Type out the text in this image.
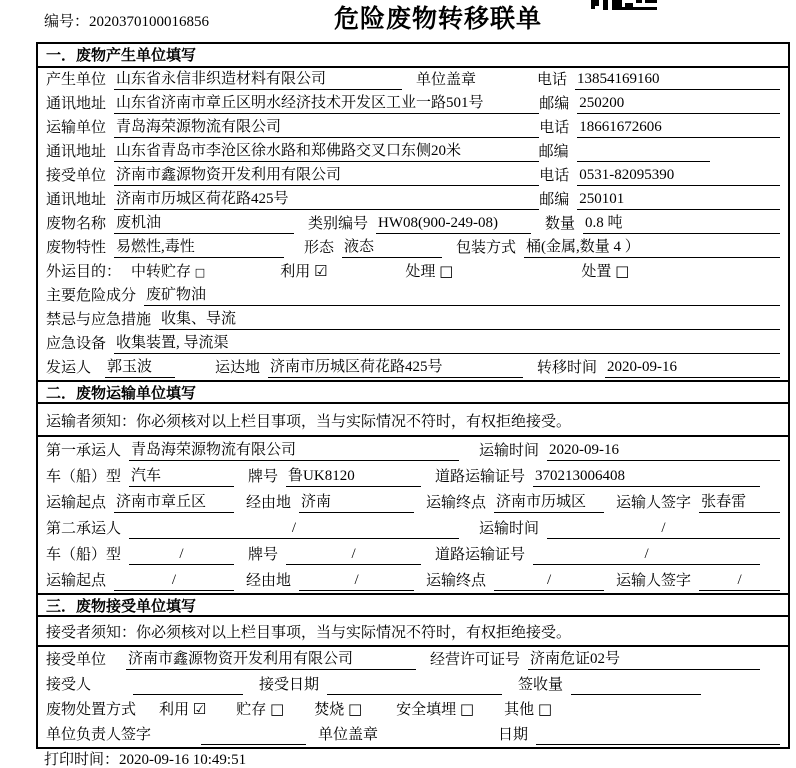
编号：2020370100016856	危险废物转移联单
一．废物产生单位填写
产生单位 山东省永信非织造材料有限公司	单位盖章	电话 13854169160
通讯地址 山东省济南市章丘区明水经济技术开发区工业一路501号	邮编 250200
运输单位 青岛海荣源物流有限公司	电话 18661672606
通讯地址 山东省青岛市李沧区徐水路和郑佛路交叉口东侧20米	邮编
接受单位 济南市鑫源物资开发利用有限公司	电话 0531-82095390
通讯地址 济南市历城区荷花路425号	邮编 250101
废物名称 废机油	类别编号 HW08(900-249-08)	数量 0.8 吨
废物特性 易燃性,毒性	形态 液态	包装方式 桶(金属,数量 4 ）
外运目的： 中转贮存 □	利用 ☑	处理 □	处置 □
主要危险成分 废矿物油
禁忌与应急措施 收集、导流
应急设备 收集装置, 导流渠
发运人 郭玉波	运达地 济南市历城区荷花路425号	转移时间 2020-09-16
二．废物运输单位填写
运输者须知：你必须核对以上栏目事项，当与实际情况不符时，有权拒绝接受。
第一承运人 青岛海荣源物流有限公司	运输时间 2020-09-16
车（船）型 汽车	牌号 鲁UK8120	道路运输证号 370213006408
运输起点 济南市章丘区	经由地 济南	运输终点 济南市历城区	运输人签字 张春雷
第二承运人	/	运输时间	/
车（船）型	/	牌号	/	道路运输证号	/
运输起点	/	经由地	/	运输终点	/	运输人签字	/
三．废物接受单位填写
接受者须知：你必须核对以上栏目事项，当与实际情况不符时，有权拒绝接受。
接受单位 济南市鑫源物资开发利用有限公司	经营许可证号 济南危证02号
接受人	接受日期	签收量
废物处置方式 利用 ☑ 贮存 □ 焚烧 □ 安全填埋 □ 其他 □
单位负责人签字	单位盖章	日期
打印时间：2020-09-16 10:49:51
